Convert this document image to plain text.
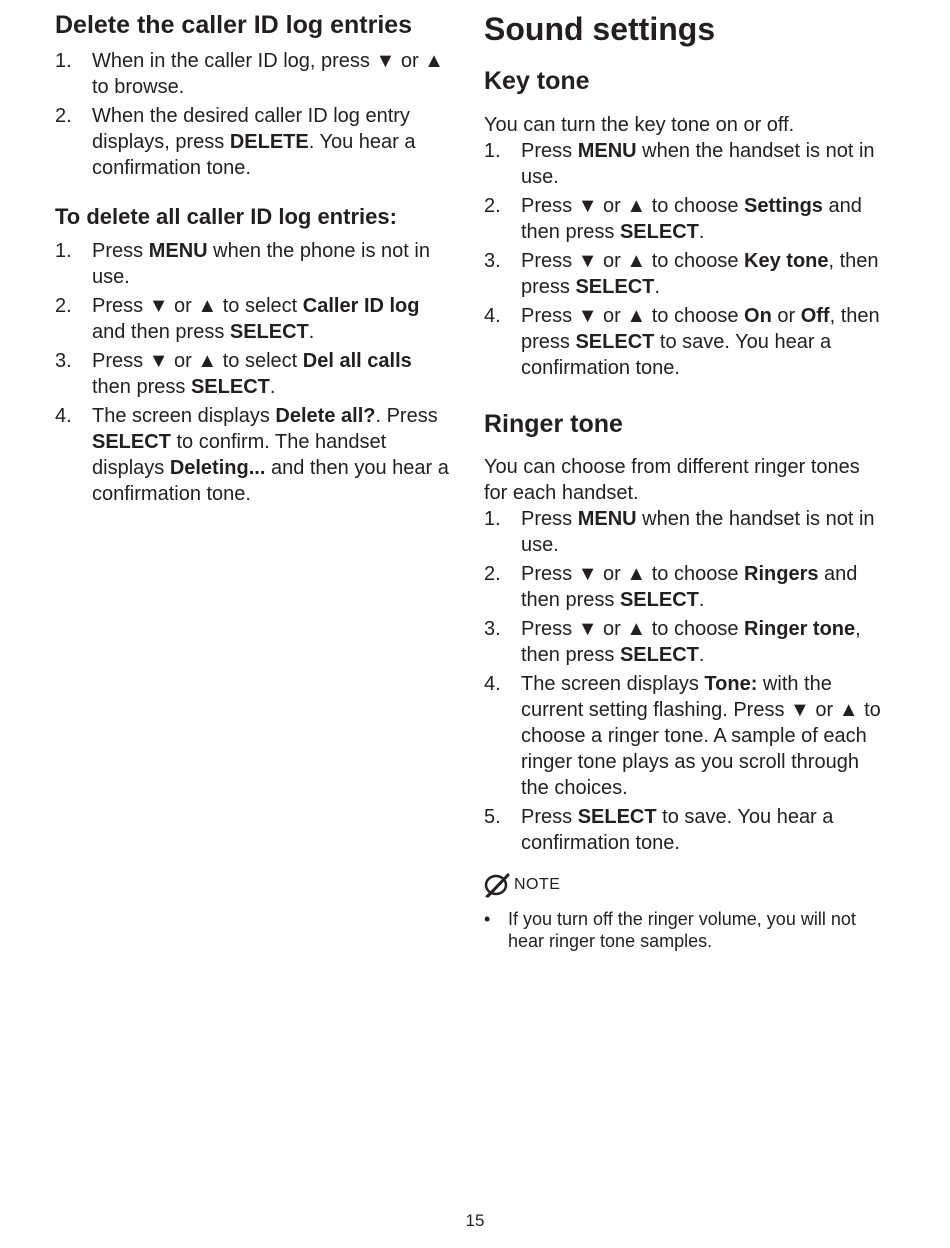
Delete the caller ID log entries
1.	When in the caller ID log, press ▼ or ▲ to browse.
2.	When the desired caller ID log entry displays, press DELETE. You hear a confirmation tone.
To delete all caller ID log entries:
1.	Press MENU when the phone is not in use.
2.	Press ▼ or ▲ to select Caller ID log and then press SELECT.
3.	Press ▼ or ▲ to select Del all calls then press SELECT.
4.	The screen displays Delete all?. Press SELECT to confirm. The handset displays Deleting... and then you hear a confirmation tone.
Sound settings
Key tone

You can turn the key tone on or off.

1.	Press MENU when the handset is not in use.
2.	Press ▼ or ▲ to choose Settings and then press SELECT.
3.	Press ▼ or ▲ to choose Key tone, then press SELECT.
4.	Press ▼ or ▲ to choose On or Off, then press SELECT to save. You hear a confirmation tone.
Ringer tone

You can choose from different ringer tones for each handset.

1.	Press MENU when the handset is not in use.
2.	Press ▼ or ▲ to choose Ringers and then press SELECT.
3.	Press ▼ or ▲ to choose Ringer tone, then press SELECT.
4.	The screen displays Tone: with the current setting flashing. Press ▼ or ▲ to choose a ringer tone. A sample of each ringer tone plays as you scroll through the choices.
5.	Press SELECT to save. You hear a confirmation tone.
NOTE
• If you turn off the ringer volume, you will not hear ringer tone samples.
15
